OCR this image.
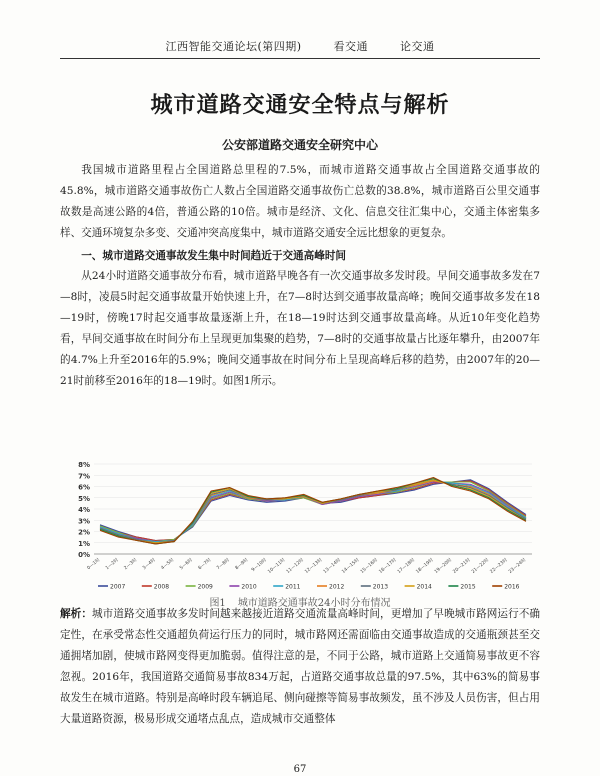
江西智能交通论坛(第四期)	看交通	论交通
城市道路交通安全特点与解析
公安部道路交通安全研究中心
我国城市道路里程占全国道路总里程的7.5%，而城市道路交通事故占全国道路交通事故的45.8%，城市道路交通事故伤亡人数占全国道路交通事故伤亡总数的38.8%，城市道路百公里交通事故数是高速公路的4倍，普通公路的10倍。城市是经济、文化、信息交往汇集中心，交通主体密集多样、交通环境复杂多变、交通冲突高度集中，城市道路交通安全远比想象的更复杂。
一、城市道路交通事故发生集中时间趋近于交通高峰时间
从24小时道路交通事故分布看，城市道路早晚各有一次交通事故多发时段。早间交通事故多发在7—8时，凌晨5时起交通事故量开始快速上升，在7—8时达到交通事故量高峰；晚间交通事故多发在18—19时，傍晚17时起交通事故量逐渐上升，在18—19时达到交通事故量高峰。从近10年变化趋势看，早间交通事故在时间分布上呈现更加集聚的趋势，7—8时的交通事故量占比逐年攀升，由2007年的4.7%上升至2016年的5.9%；晚间交通事故在时间分布上呈现高峰后移的趋势，由2007年的20—21时前移至2016年的18—19时。如图1所示。
0%
1%
2%
3%
4%
5%
6%
7%
8%
0—1时 1—2时 2—3时 3—4时 4—5时 5—6时 6—7时 7—8时 8—9时 9—10时 10—11时 11—12时 12—13时 13—14时 14—15时 15—16时 16—17时 17—18时 18—19时 19—20时 20—21时 21—22时 22—23时 23—24时
2007	2008	2009	2010	2011	2012	2013	2014	2015	2016
图1 城市道路交通事故24小时分布情况
解析：城市道路交通事故多发时间越来越接近道路交通流量高峰时间，更增加了早晚城市路网运行不确定性，在承受常态性交通超负荷运行压力的同时，城市路网还需面临由交通事故造成的交通瓶颈甚至交通拥堵加剧，使城市路网变得更加脆弱。值得注意的是，不同于公路，城市道路上交通简易事故更不容忽视。2016年，我国道路交通简易事故834万起，占道路交通事故总量的97.5%，其中63%的简易事故发生在城市道路。特别是高峰时段车辆追尾、侧向碰擦等简易事故频发，虽不涉及人员伤害，但占用大量道路资源，极易形成交通堵点乱点，造成城市交通整体
67
